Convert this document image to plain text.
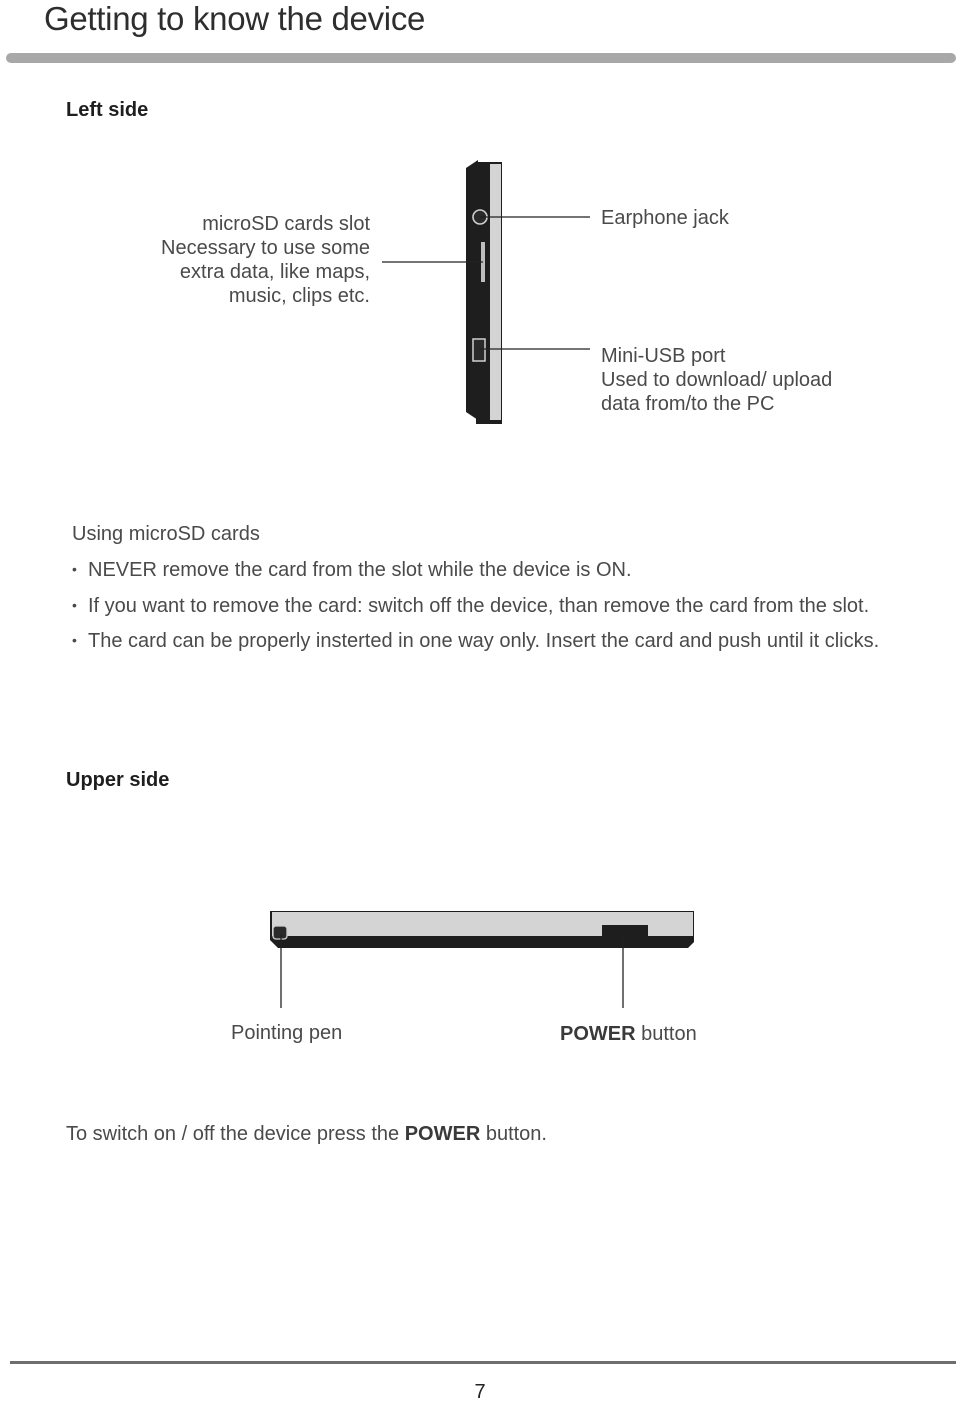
Getting to know the device
Left side
microSD cards slot
Necessary to use some
extra data, like maps,
music, clips etc.
Earphone jack
Mini-USB port
Used to download/ upload
data from/to the PC
Using microSD cards
• NEVER remove the card from the slot while the device is ON.
• If you want to remove the card: switch off the device, than remove the card from the slot.
• The card can be properly insterted in one way only. Insert the card and push until it clicks.
Upper side
Pointing pen	POWER button
To switch on / off the device press the POWER button.
7
